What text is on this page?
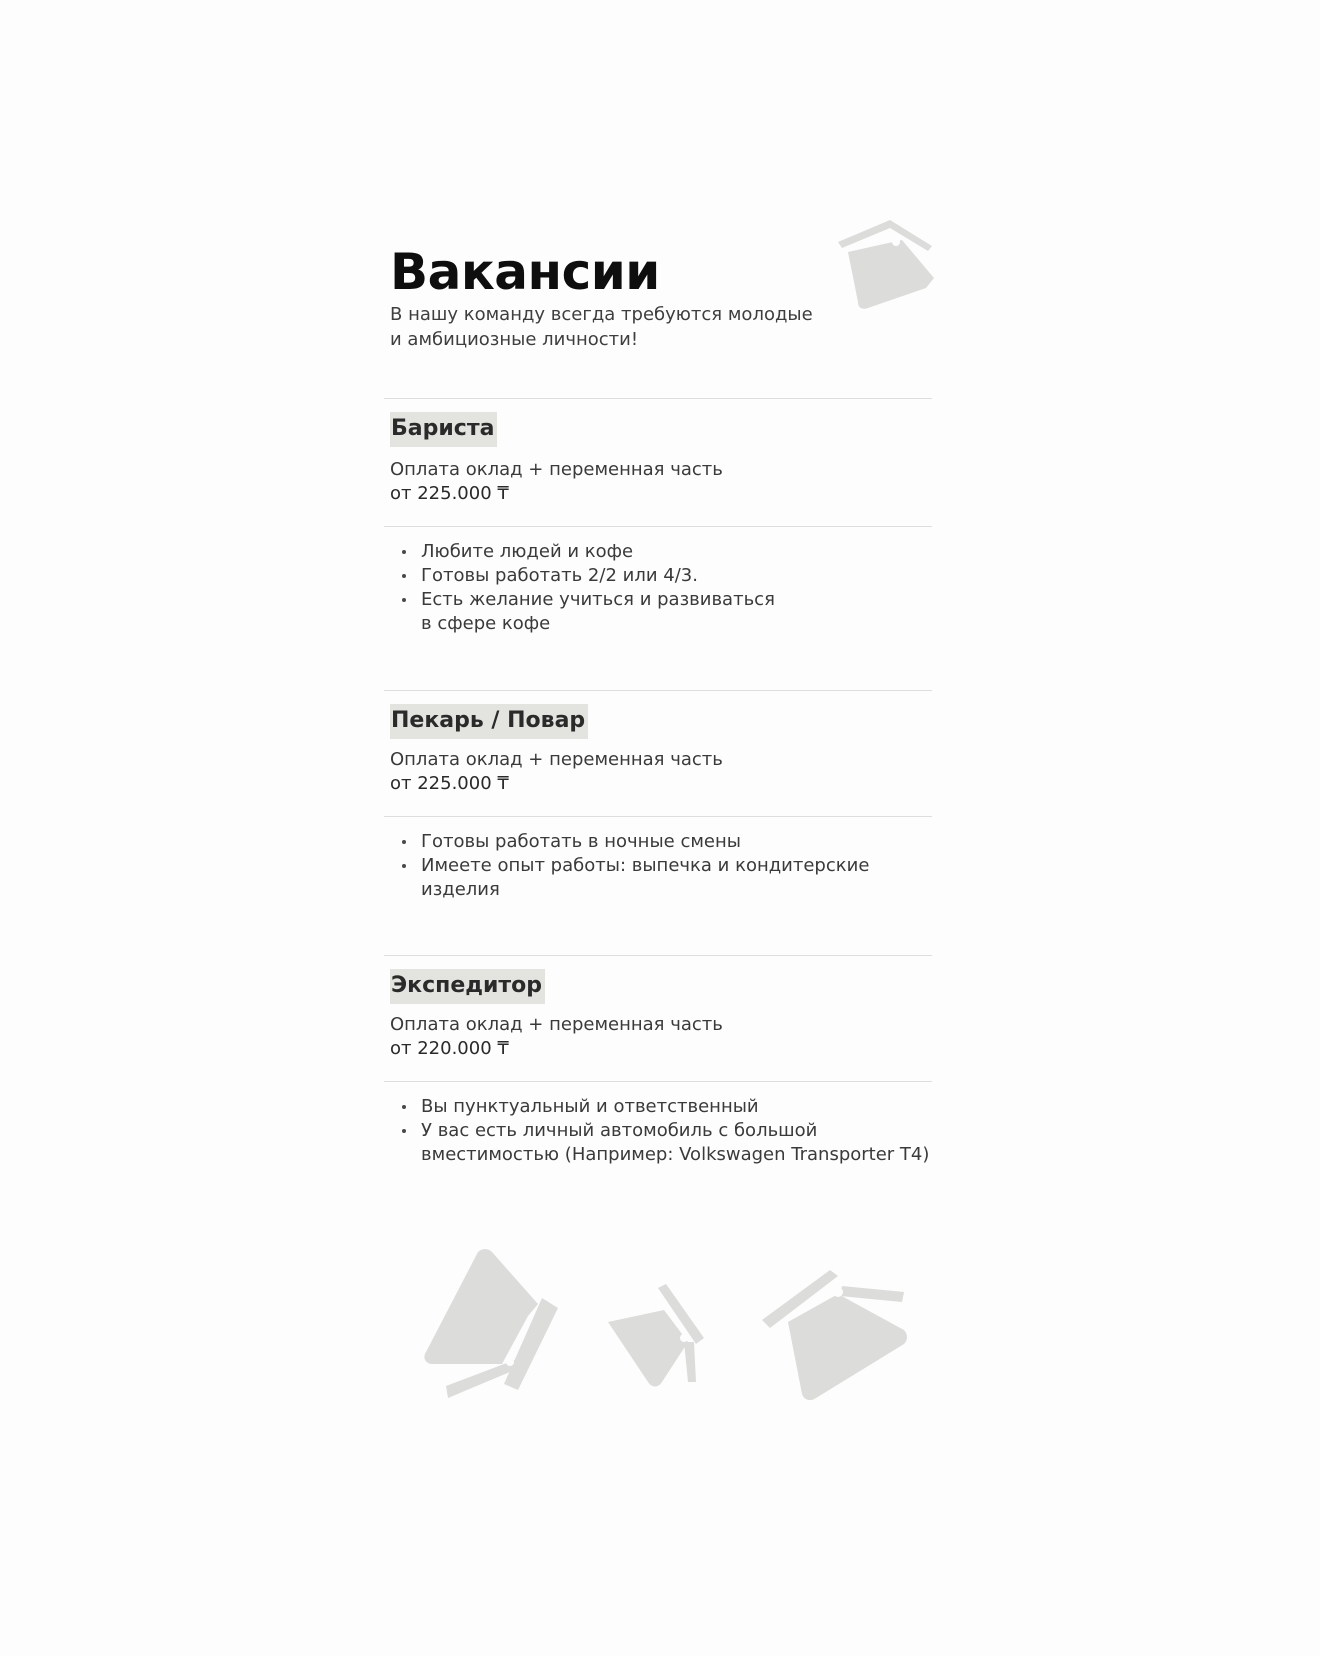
Вакансии

В нашу команду всегда требуются молодые и амбициозные личности!

Бариста
Оплата оклад + переменная часть
от 225.000 ₸
Любите людей и кофе
Готовы работать 2/2 или 4/3.
Есть желание учиться и развиваться в сфере кофе
Пекарь / Повар
Оплата оклад + переменная часть
от 225.000 ₸
Готовы работать в ночные смены
Имеете опыт работы: выпечка и кондитерские изделия
Экспедитор
Оплата оклад + переменная часть
от 220.000 ₸
Вы пунктуальный и ответственный
У вас есть личный автомобиль с большой вместимостью (Например: Volkswagen Transporter T4)
